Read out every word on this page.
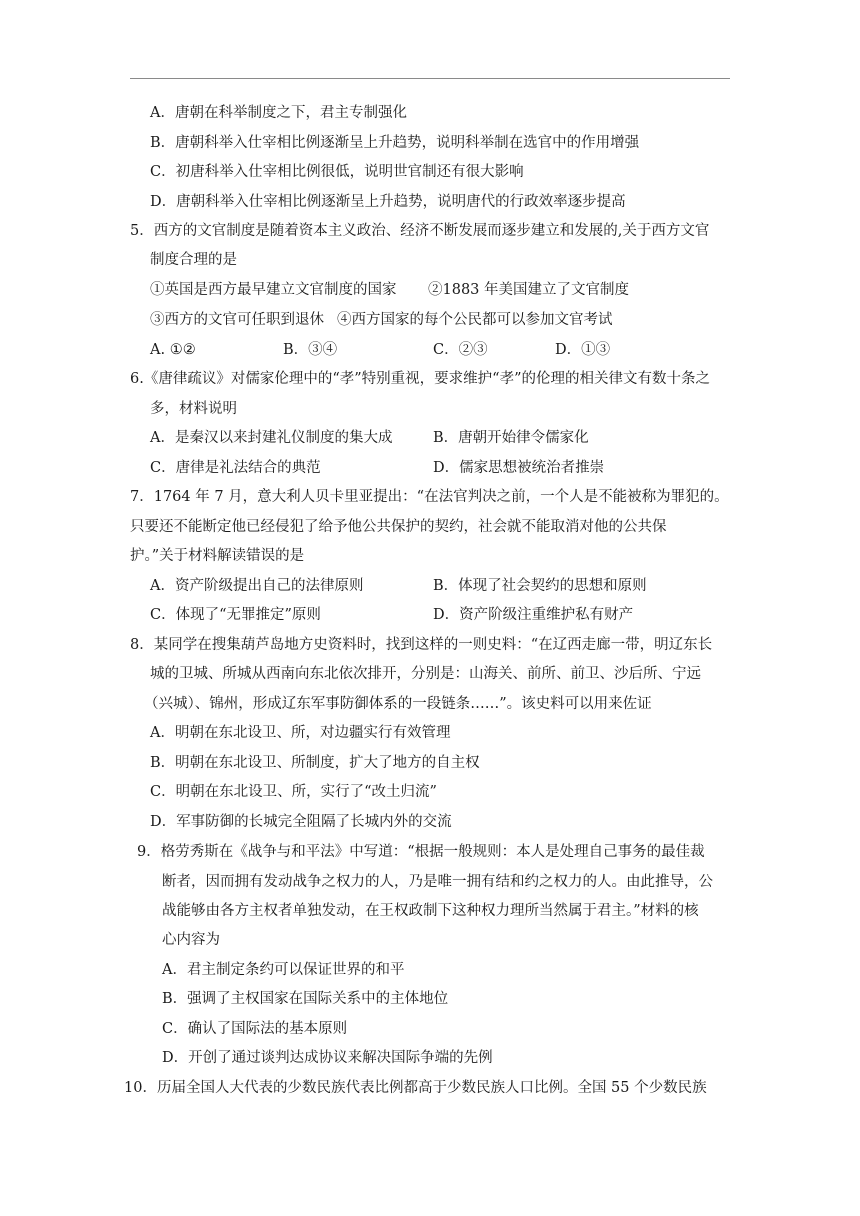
A．唐朝在科举制度之下，君主专制强化
B．唐朝科举入仕宰相比例逐渐呈上升趋势，说明科举制在选官中的作用增强
C．初唐科举入仕宰相比例很低，说明世官制还有很大影响
D．唐朝科举入仕宰相比例逐渐呈上升趋势，说明唐代的行政效率逐步提高
5．西方的文官制度是随着资本主义政治、经济不断发展而逐步建立和发展的,关于西方文官
制度合理的是
①英国是西方最早建立文官制度的国家 ②1883 年美国建立了文官制度
③西方的文官可任职到退休 ④西方国家的每个公民都可以参加文官考试
A. ①②	B．③④	C．②③	D．①③
6.《唐律疏议》对儒家伦理中的“孝”特别重视，要求维护“孝”的伦理的相关律文有数十条之
多，材料说明
A．是秦汉以来封建礼仪制度的集大成	B．唐朝开始律令儒家化
C．唐律是礼法结合的典范	D．儒家思想被统治者推崇
7．1764 年 7 月，意大利人贝卡里亚提出：“在法官判决之前，一个人是不能被称为罪犯的。
只要还不能断定他已经侵犯了给予他公共保护的契约，社会就不能取消对他的公共保
护。”关于材料解读错误的是
A．资产阶级提出自己的法律原则	B．体现了社会契约的思想和原则
C．体现了“无罪推定”原则	D．资产阶级注重维护私有财产
8．某同学在搜集葫芦岛地方史资料时，找到这样的一则史料：“在辽西走廊一带，明辽东长
城的卫城、所城从西南向东北依次排开，分别是：山海关、前所、前卫、沙后所、宁远
（兴城）、锦州，形成辽东军事防御体系的一段链条……”。该史料可以用来佐证
A．明朝在东北设卫、所，对边疆实行有效管理
B．明朝在东北设卫、所制度，扩大了地方的自主权
C．明朝在东北设卫、所，实行了“改土归流”
D．军事防御的长城完全阻隔了长城内外的交流
9．格劳秀斯在《战争与和平法》中写道：“根据一般规则：本人是处理自己事务的最佳裁
断者，因而拥有发动战争之权力的人，乃是唯一拥有结和约之权力的人。由此推导，公
战能够由各方主权者单独发动，在王权政制下这种权力理所当然属于君主。”材料的核
心内容为
A．君主制定条约可以保证世界的和平
B．强调了主权国家在国际关系中的主体地位
C．确认了国际法的基本原则
D．开创了通过谈判达成协议来解决国际争端的先例
10．历届全国人大代表的少数民族代表比例都高于少数民族人口比例。全国 55 个少数民族
